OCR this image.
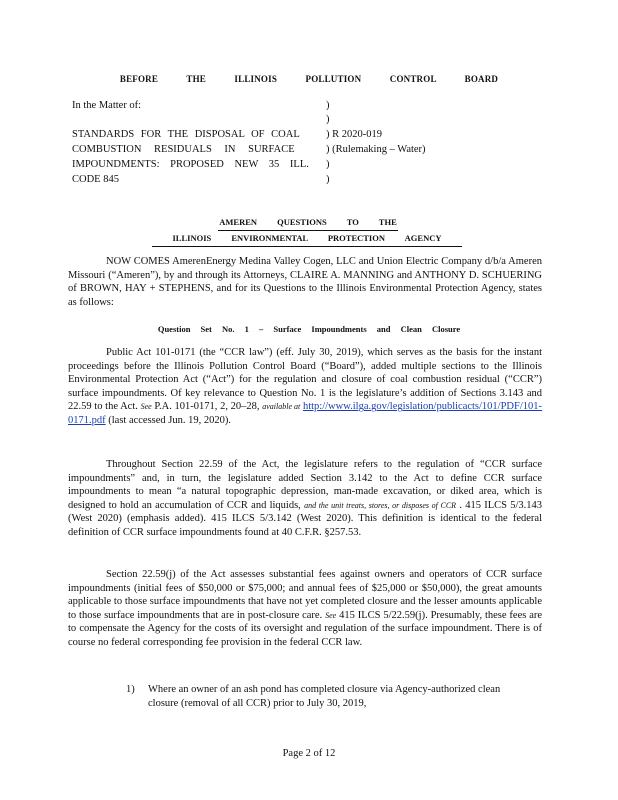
BEFORE THE ILLINOIS POLLUTION CONTROL BOARD
In the Matter of:	)
)
STANDARDS FOR THE DISPOSAL OF COAL	) R 2020-019
COMBUSTION RESIDUALS IN SURFACE	) (Rulemaking – Water)
IMPOUNDMENTS: PROPOSED NEW 35 ILL. )
CODE 845	)
AMEREN QUESTIONS TO THE
ILLINOIS ENVIRONMENTAL PROTECTION AGENCY
NOW COMES AmerenEnergy Medina Valley Cogen, LLC and Union Electric Company d/b/a Ameren Missouri (“Ameren”), by and through its Attorneys, CLAIRE A. MANNING and ANTHONY D. SCHUERING of BROWN, HAY + STEPHENS, and for its Questions to the Illinois Environmental Protection Agency, states as follows:
Question Set No. 1 – Surface Impoundments and Clean Closure
Public Act 101-0171 (the “CCR law”) (eff. July 30, 2019), which serves as the basis for the instant proceedings before the Illinois Pollution Control Board (“Board”), added multiple sections to the Illinois Environmental Protection Act (“Act”) for the regulation and closure of coal combustion residual (“CCR”) surface impoundments. Of key relevance to Question No. 1 is the legislature’s addition of Sections 3.143 and 22.59 to the Act. See P.A. 101-0171, 2, 20–28, available at http://www.ilga.gov/legislation/publicacts/101/PDF/101-0171.pdf (last accessed Jun. 19, 2020).
Throughout Section 22.59 of the Act, the legislature refers to the regulation of “CCR surface impoundments” and, in turn, the legislature added Section 3.142 to the Act to define CCR surface impoundments to mean “a natural topographic depression, man-made excavation, or diked area, which is designed to hold an accumulation of CCR and liquids, and the unit treats, stores, or disposes of CCR . 415 ILCS 5/3.143 (West 2020) (emphasis added). 415 ILCS 5/3.142 (West 2020). This definition is identical to the federal definition of CCR surface impoundments found at 40 C.F.R. §257.53.
Section 22.59(j) of the Act assesses substantial fees against owners and operators of CCR surface impoundments (initial fees of $50,000 or $75,000; and annual fees of $25,000 or $50,000), the great amounts applicable to those surface impoundments that have not yet completed closure and the lesser amounts applicable to those surface impoundments that are in post-closure care. See 415 ILCS 5/22.59(j). Presumably, these fees are to compensate the Agency for the costs of its oversight and regulation of the surface impoundment. There is of course no federal corresponding fee provision in the federal CCR law.
1) Where an owner of an ash pond has completed closure via Agency-authorized clean closure (removal of all CCR) prior to July 30, 2019,
Page 2 of 12
